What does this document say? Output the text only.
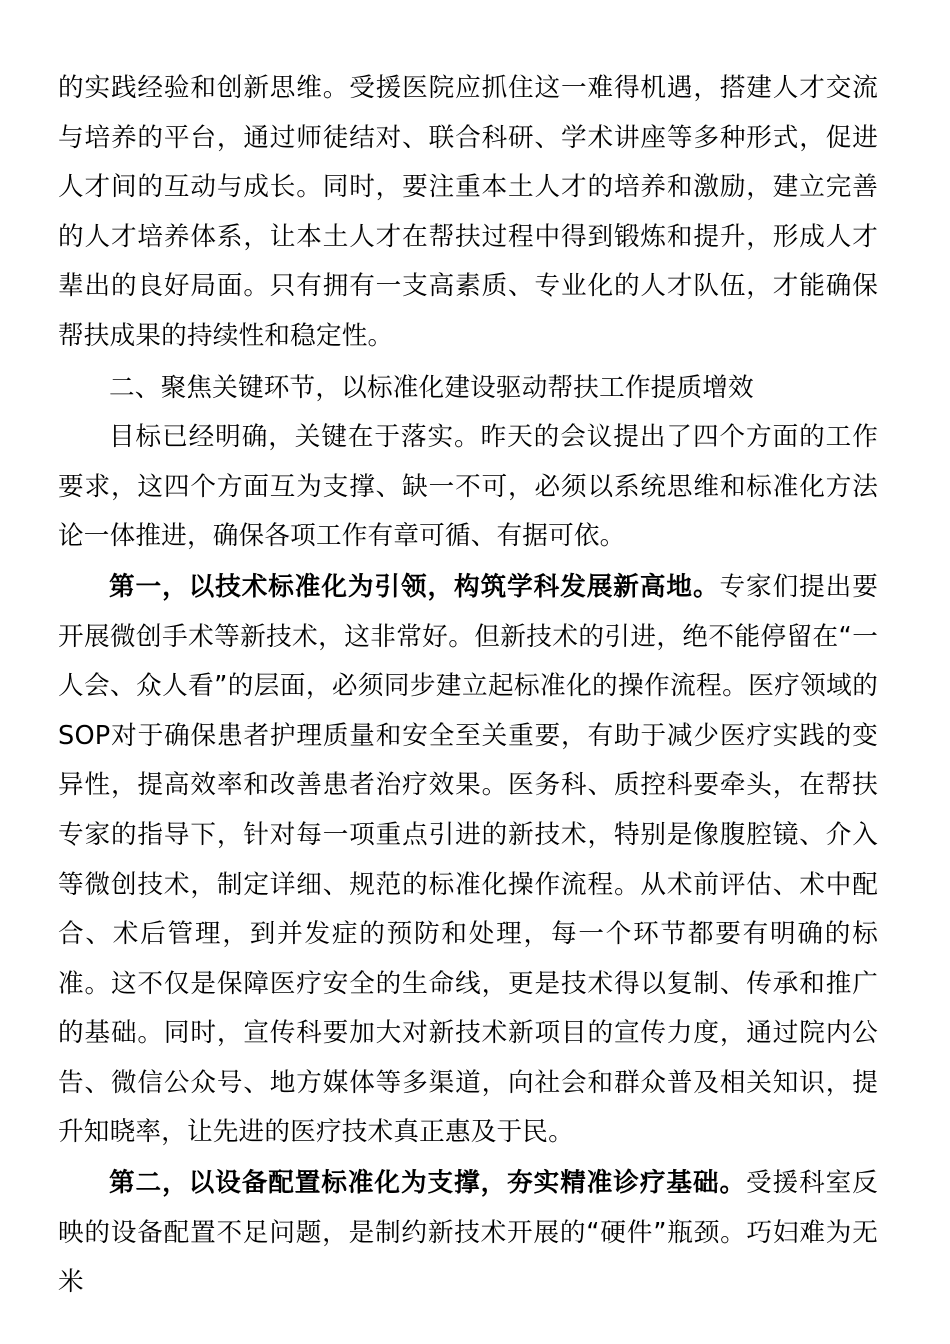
的实践经验和创新思维。受援医院应抓住这一难得机遇，搭建人才交流与培养的平台，通过师徒结对、联合科研、学术讲座等多种形式，促进人才间的互动与成长。同时，要注重本土人才的培养和激励，建立完善的人才培养体系，让本土人才在帮扶过程中得到锻炼和提升，形成人才辈出的良好局面。只有拥有一支高素质、专业化的人才队伍，才能确保帮扶成果的持续性和稳定性。

二、聚焦关键环节，以标准化建设驱动帮扶工作提质增效

目标已经明确，关键在于落实。昨天的会议提出了四个方面的工作要求，这四个方面互为支撑、缺一不可，必须以系统思维和标准化方法论一体推进，确保各项工作有章可循、有据可依。

第一，以技术标准化为引领，构筑学科发展新高地。专家们提出要开展微创手术等新技术，这非常好。但新技术的引进，绝不能停留在“一人会、众人看”的层面，必须同步建立起标准化的操作流程。医疗领域的SOP对于确保患者护理质量和安全至关重要，有助于减少医疗实践的变异性，提高效率和改善患者治疗效果。医务科、质控科要牵头，在帮扶专家的指导下，针对每一项重点引进的新技术，特别是像腹腔镜、介入等微创技术，制定详细、规范的标准化操作流程。从术前评估、术中配合、术后管理，到并发症的预防和处理，每一个环节都要有明确的标准。这不仅是保障医疗安全的生命线，更是技术得以复制、传承和推广的基础。同时，宣传科要加大对新技术新项目的宣传力度，通过院内公告、微信公众号、地方媒体等多渠道，向社会和群众普及相关知识，提升知晓率，让先进的医疗技术真正惠及于民。

第二，以设备配置标准化为支撑，夯实精准诊疗基础。受援科室反映的设备配置不足问题，是制约新技术开展的“硬件”瓶颈。巧妇难为无米
